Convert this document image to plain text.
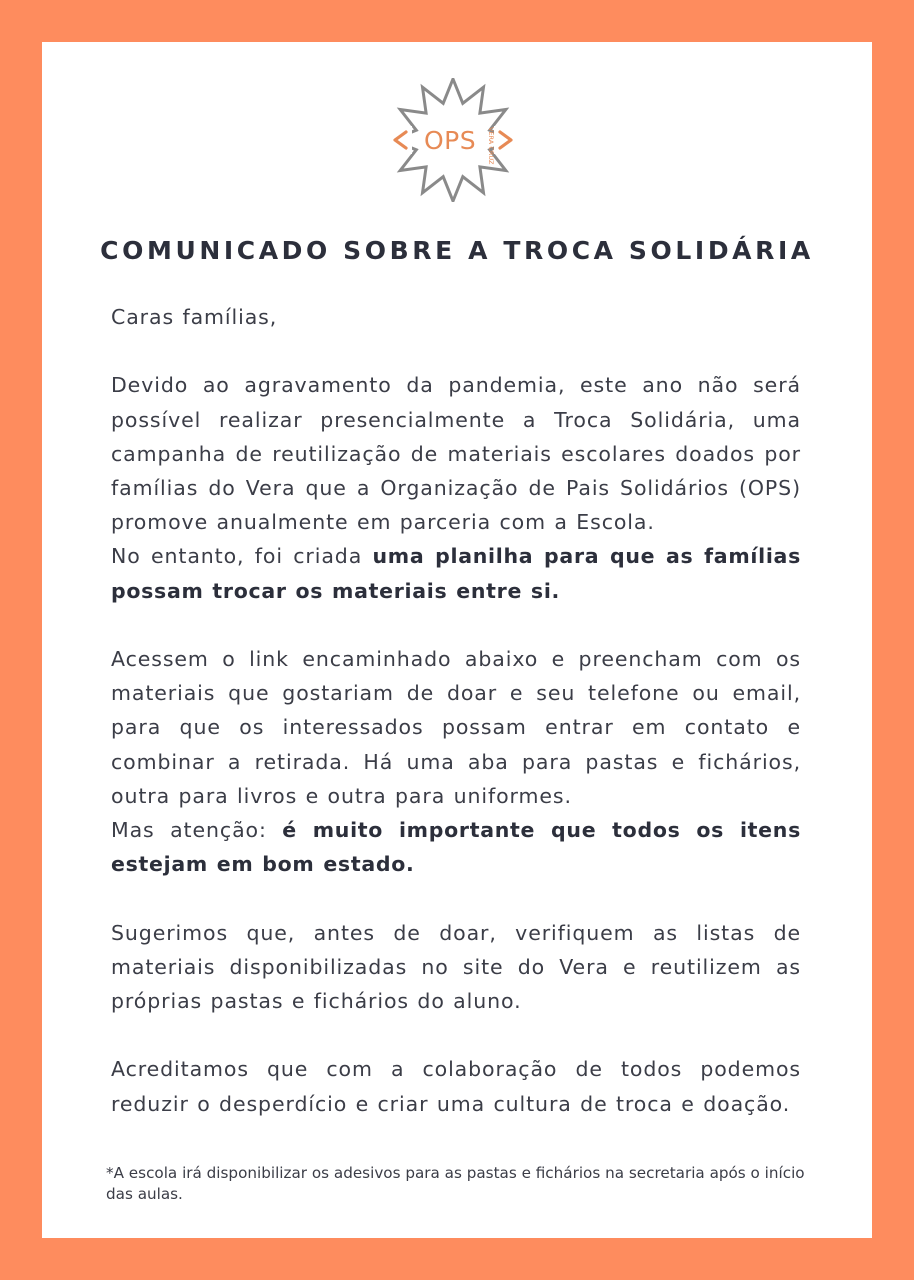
OPS VERA CRUZ
COMUNICADO SOBRE A TROCA SOLIDÁRIA

Caras famílias,

Devido ao agravamento da pandemia, este ano não será possível realizar presencialmente a Troca Solidária, uma campanha de reutilização de materiais escolares doados por famílias do Vera que a Organização de Pais Solidários (OPS) promove anualmente em parceria com a Escola.

No entanto, foi criada uma planilha para que as famílias possam trocar os materiais entre si.

Acessem o link encaminhado abaixo e preencham com os materiais que gostariam de doar e seu telefone ou email, para que os interessados possam entrar em contato e combinar a retirada. Há uma aba para pastas e fichários, outra para livros e outra para uniformes.

Mas atenção: é muito importante que todos os itens estejam em bom estado.

Sugerimos que, antes de doar, verifiquem as listas de materiais disponibilizadas no site do Vera e reutilizem as próprias pastas e fichários do aluno.

Acreditamos que com a colaboração de todos podemos reduzir o desperdício e criar uma cultura de troca e doação.

*A escola irá disponibilizar os adesivos para as pastas e fichários na secretaria após o início das aulas.
